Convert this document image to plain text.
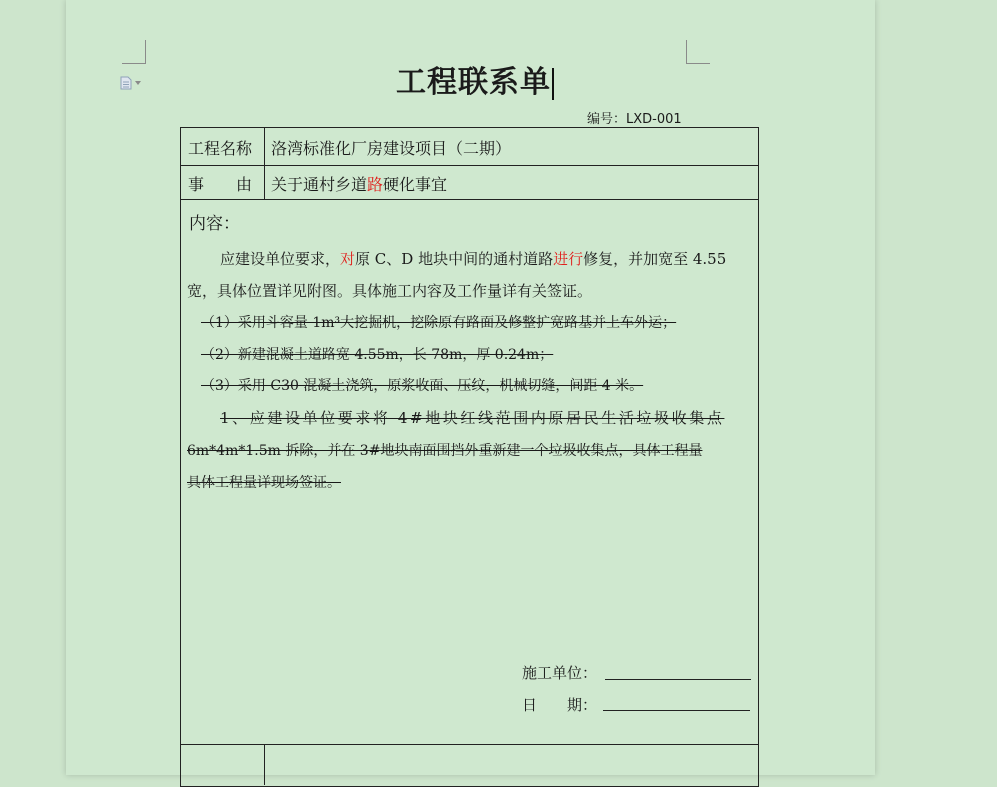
工程联系单
编号：LXD-001
工程名称 洛湾标准化厂房建设项目（二期）
事　　由 关于通村乡道路硬化事宜
内容：
应建设单位要求，对原 C、D 地块中间的通村道路进行修复，并加宽至 4.55
宽，具体位置详见附图。具体施工内容及工作量详有关签证。
（1）采用斗容量 1m³大挖掘机，挖除原有路面及修整扩宽路基并上车外运；
（2）新建混凝土道路宽 4.55m，长 78m，厚 0.24m；
（3）采用 C30 混凝土浇筑，原浆收面、压纹，机械切缝，间距 4 米。
1、应建设单位要求将 4#地块红线范围内原居民生活垃圾收集点
6m*4m*1.5m 拆除，并在 3#地块南面围挡外重新建一个垃圾收集点，具体工程量
具体工程量详现场签证。
施工单位：
日　　期：
